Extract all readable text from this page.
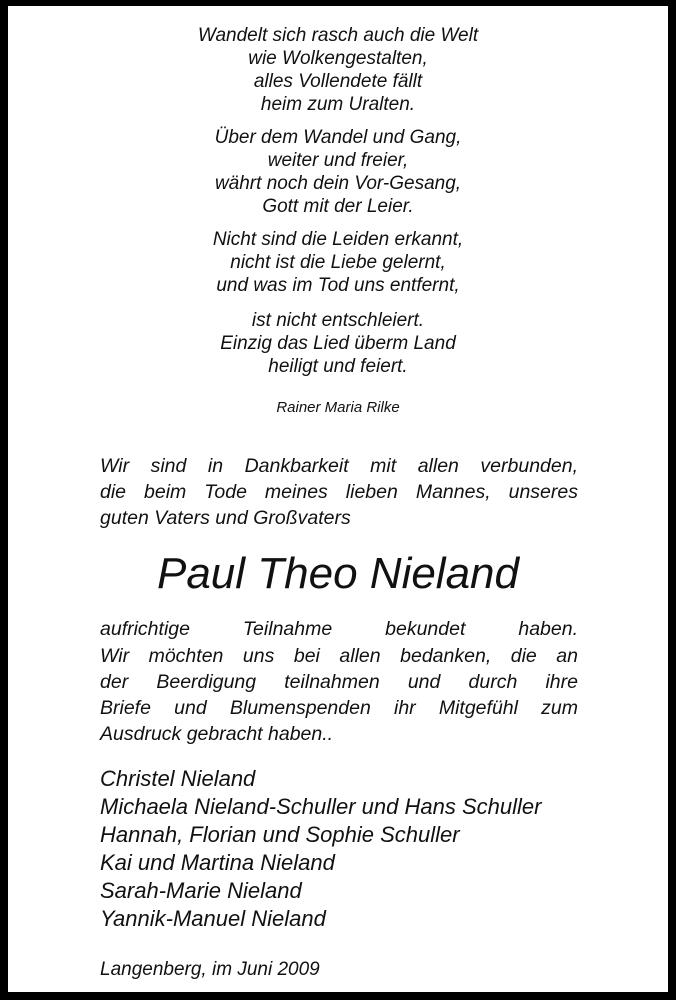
Wandelt sich rasch auch die Welt
wie Wolkengestalten,
alles Vollendete fällt
heim zum Uralten.
Über dem Wandel und Gang,
weiter und freier,
währt noch dein Vor-Gesang,
Gott mit der Leier.
Nicht sind die Leiden erkannt,
nicht ist die Liebe gelernt,
und was im Tod uns entfernt,
ist nicht entschleiert.
Einzig das Lied überm Land
heiligt und feiert.
Rainer Maria Rilke
Wir sind in Dankbarkeit mit allen verbunden,
die beim Tode meines lieben Mannes, unseres
guten Vaters und Großvaters
Paul Theo Nieland
aufrichtige Teilnahme bekundet haben.
Wir möchten uns bei allen bedanken, die an
der Beerdigung teilnahmen und durch ihre
Briefe und Blumenspenden ihr Mitgefühl zum
Ausdruck gebracht haben..
Christel Nieland
Michaela Nieland-Schuller und Hans Schuller
Hannah, Florian und Sophie Schuller
Kai und Martina Nieland
Sarah-Marie Nieland
Yannik-Manuel Nieland
Langenberg, im Juni 2009
